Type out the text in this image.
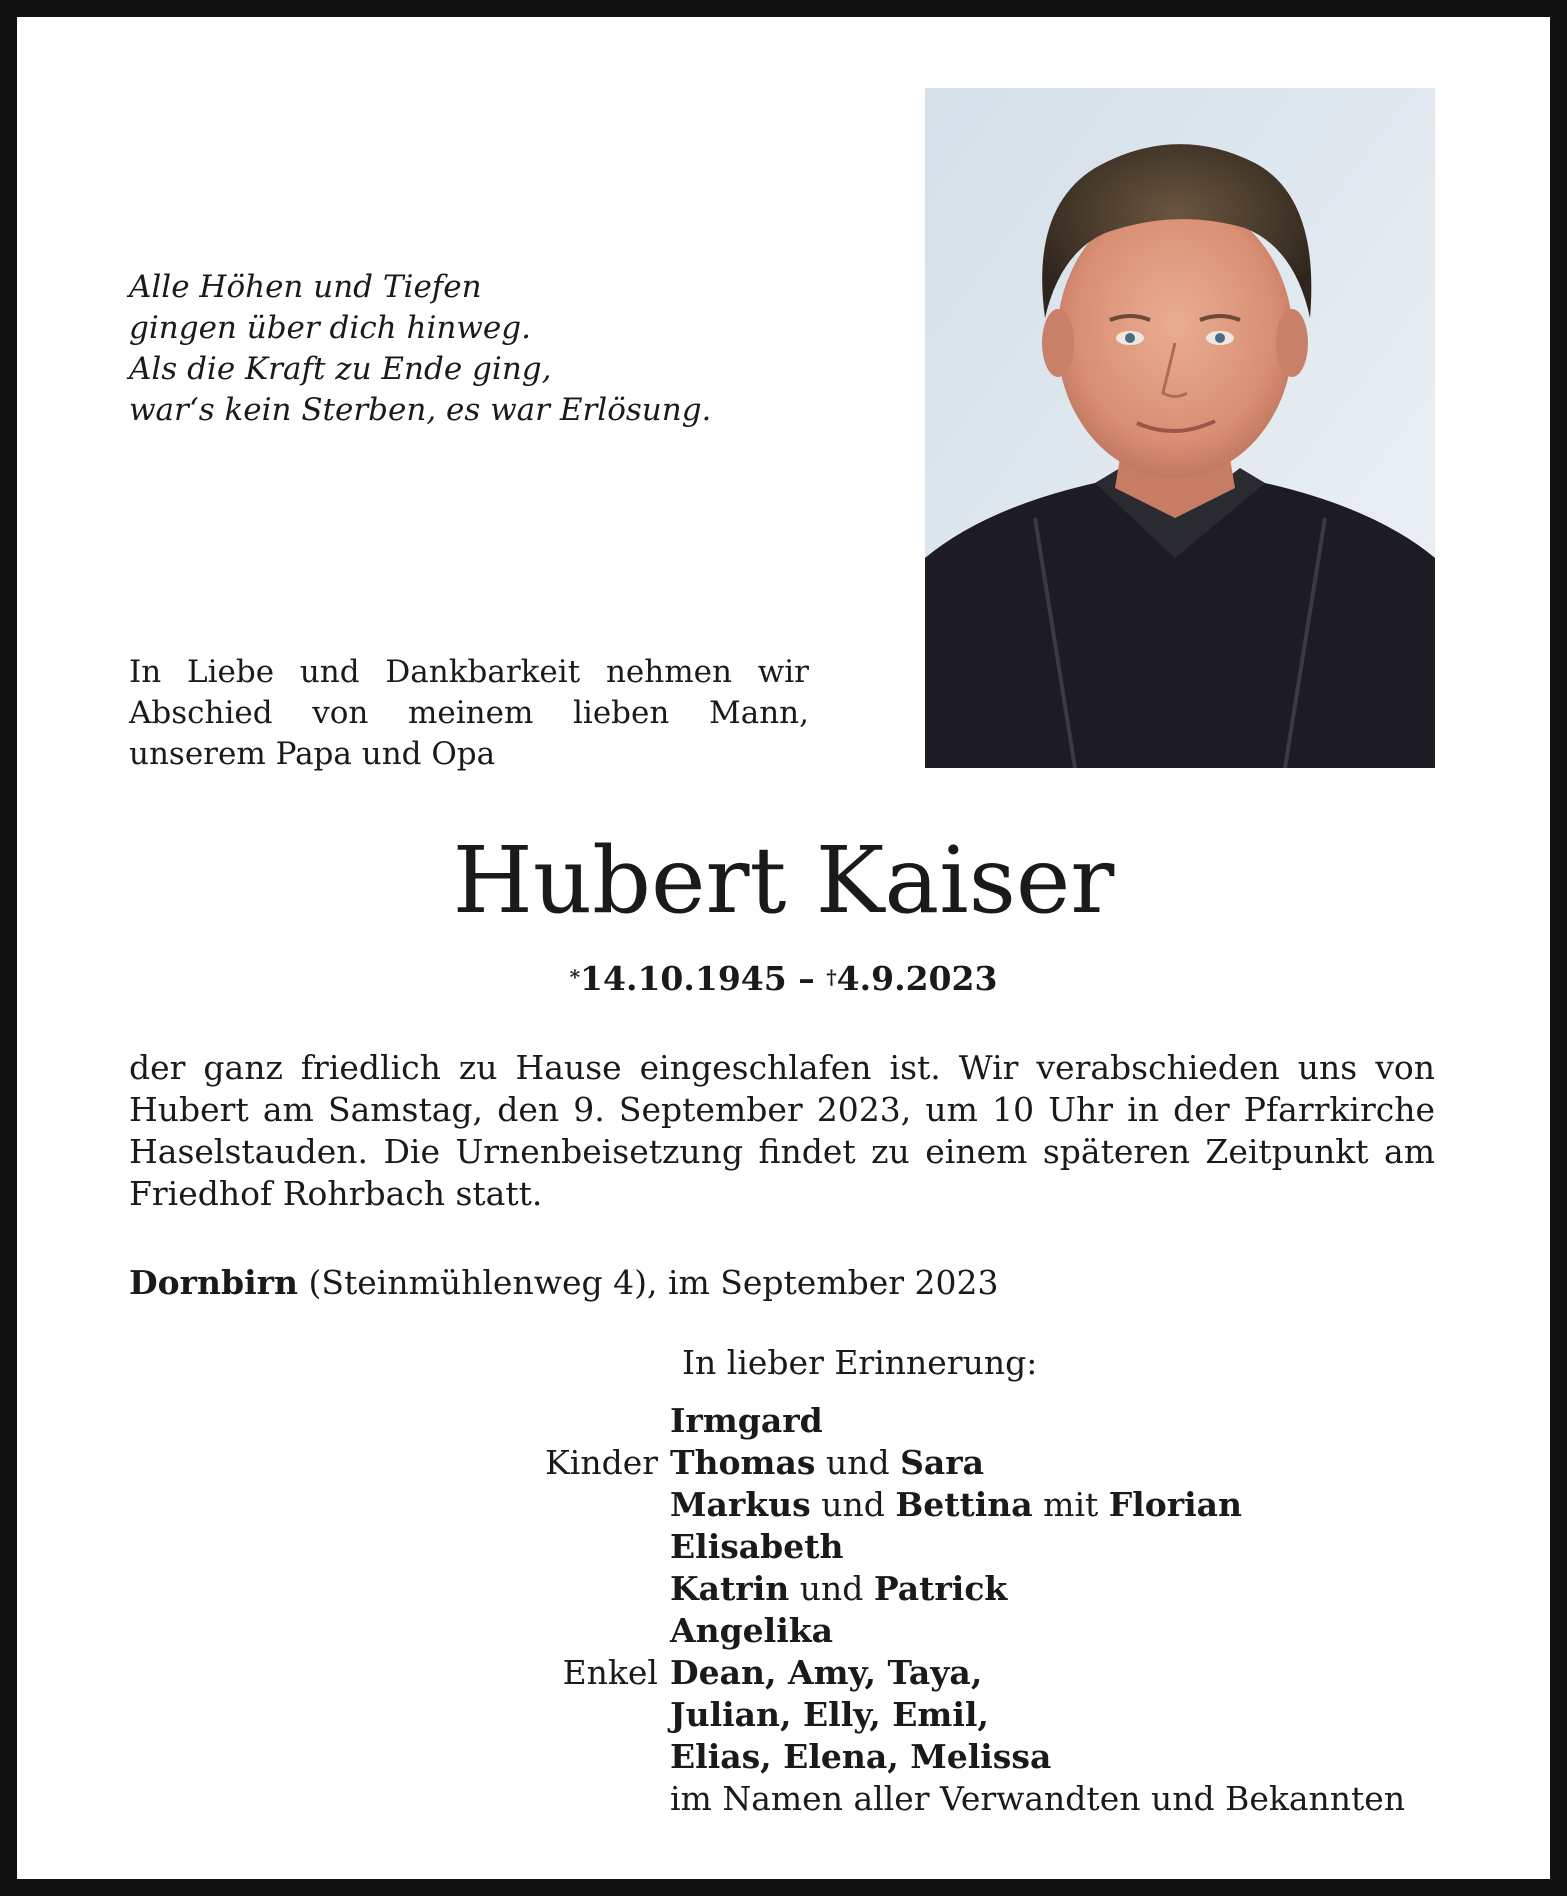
Alle Höhen und Tiefen
gingen über dich hinweg.
Als die Kraft zu Ende ging,
war‘s kein Sterben, es war Erlösung.
In Liebe und Dankbarkeit nehmen wir Abschied von meinem lieben Mann, unserem Papa und Opa
Hubert Kaiser
*14.10.1945 – †4.9.2023
der ganz friedlich zu Hause eingeschlafen ist. Wir verabschieden uns von Hubert am Samstag, den 9. September 2023, um 10 Uhr in der Pfarrkirche Haselstauden. Die Urnenbeisetzung findet zu einem späteren Zeitpunkt am Friedhof Rohrbach statt.
Dornbirn (Steinmühlenweg 4), im September 2023
In lieber Erinnerung:
Irmgard
Kinder Thomas und Sara
Markus und Bettina mit Florian
Elisabeth
Katrin und Patrick
Angelika
Enkel Dean, Amy, Taya,
Julian, Elly, Emil,
Elias, Elena, Melissa
im Namen aller Verwandten und Bekannten
